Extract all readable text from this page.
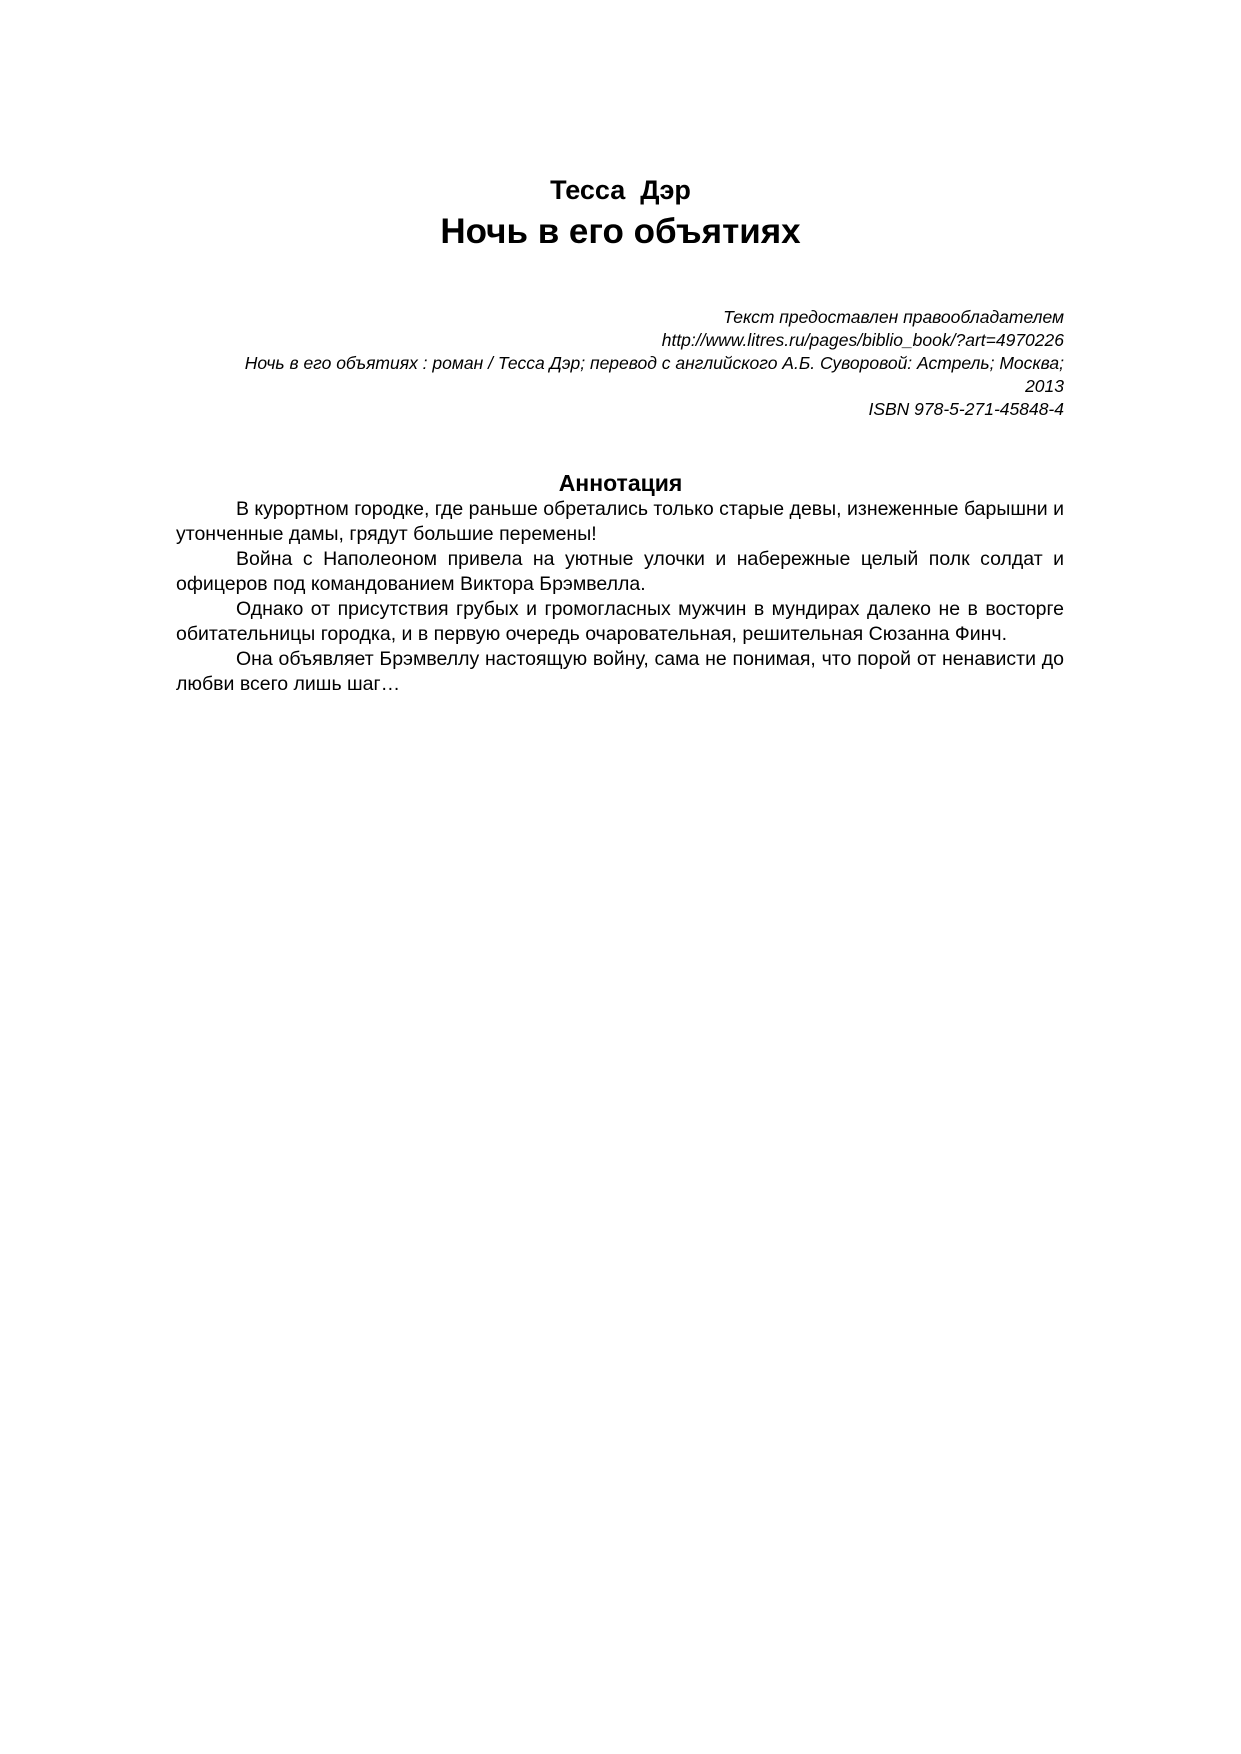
Тесса  Дэр
Ночь в его объятиях
Текст предоставлен правообладателем
http://www.litres.ru/pages/biblio_book/?art=4970226
Ночь в его объятиях : роман / Тесса Дэр; перевод с английского А.Б. Суворовой: Астрель; Москва;
2013
ISBN 978-5-271-45848-4
Аннотация

В курортном городке, где раньше обретались только старые девы, изнеженные барышни и утонченные дамы, грядут большие перемены!

Война с Наполеоном привела на уютные улочки и набережные целый полк солдат и офицеров под командованием Виктора Брэмвелла.

Однако от присутствия грубых и громогласных мужчин в мундирах далеко не в восторге обитательницы городка, и в первую очередь очаровательная, решительная Сюзанна Финч.

Она объявляет Брэмвеллу настоящую войну, сама не понимая, что порой от ненависти до любви всего лишь шаг…
